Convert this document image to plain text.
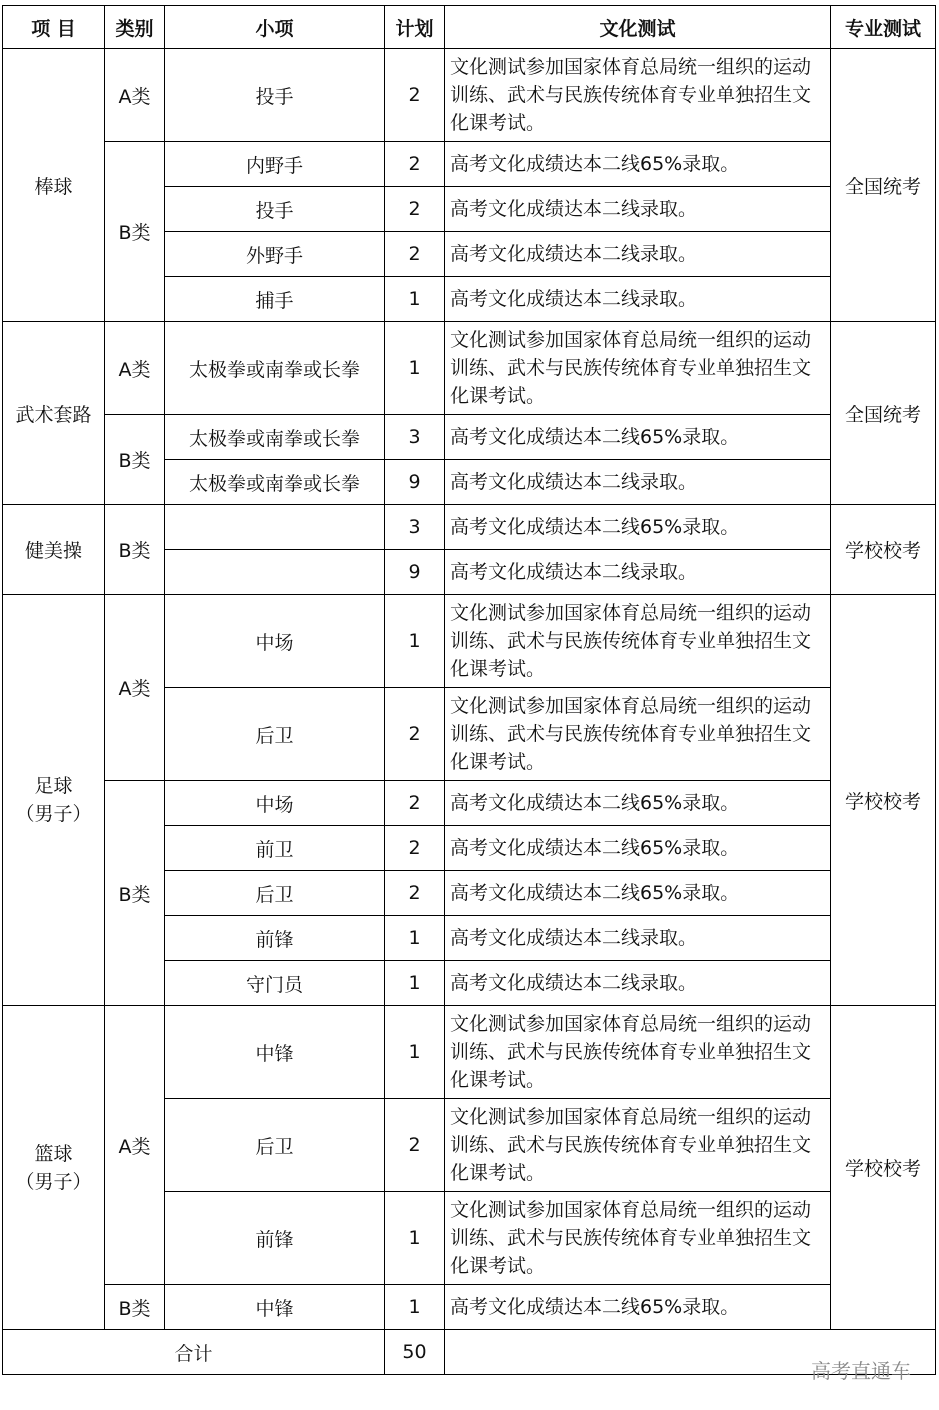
项 目	类别	小项	计划	文化测试	专业测试
棒球	A类	投手	2	文化测试参加国家体育总局统一组织的运动训练、武术与民族传统体育专业单独招生文化课考试。	全国统考
	B类	内野手	2	高考文化成绩达本二线65%录取。	
		投手	2	高考文化成绩达本二线录取。	
		外野手	2	高考文化成绩达本二线录取。	
		捕手	1	高考文化成绩达本二线录取。	
武术套路	A类	太极拳或南拳或长拳	1	文化测试参加国家体育总局统一组织的运动训练、武术与民族传统体育专业单独招生文化课考试。	全国统考
	B类	太极拳或南拳或长拳	3	高考文化成绩达本二线65%录取。	
		太极拳或南拳或长拳	9	高考文化成绩达本二线录取。	
健美操	B类		3	高考文化成绩达本二线65%录取。	学校校考
			9	高考文化成绩达本二线录取。	

足球
（男子）	A类	中场	1	文化测试参加国家体育总局统一组织的运动训练、武术与民族传统体育专业单独招生文化课考试。	学校校考
		后卫	2	文化测试参加国家体育总局统一组织的运动训练、武术与民族传统体育专业单独招生文化课考试。	
	B类	中场	2	高考文化成绩达本二线65%录取。	
		前卫	2	高考文化成绩达本二线65%录取。	
		后卫	2	高考文化成绩达本二线65%录取。	
		前锋	1	高考文化成绩达本二线录取。	
		守门员	1	高考文化成绩达本二线录取。	

篮球
（男子）	A类	中锋	1	文化测试参加国家体育总局统一组织的运动训练、武术与民族传统体育专业单独招生文化课考试。	学校校考
		后卫	2	文化测试参加国家体育总局统一组织的运动训练、武术与民族传统体育专业单独招生文化课考试。	
		前锋	1	文化测试参加国家体育总局统一组织的运动训练、武术与民族传统体育专业单独招生文化课考试。	
	B类	中锋	1	高考文化成绩达本二线65%录取。	
合计			50		
高考直通车
